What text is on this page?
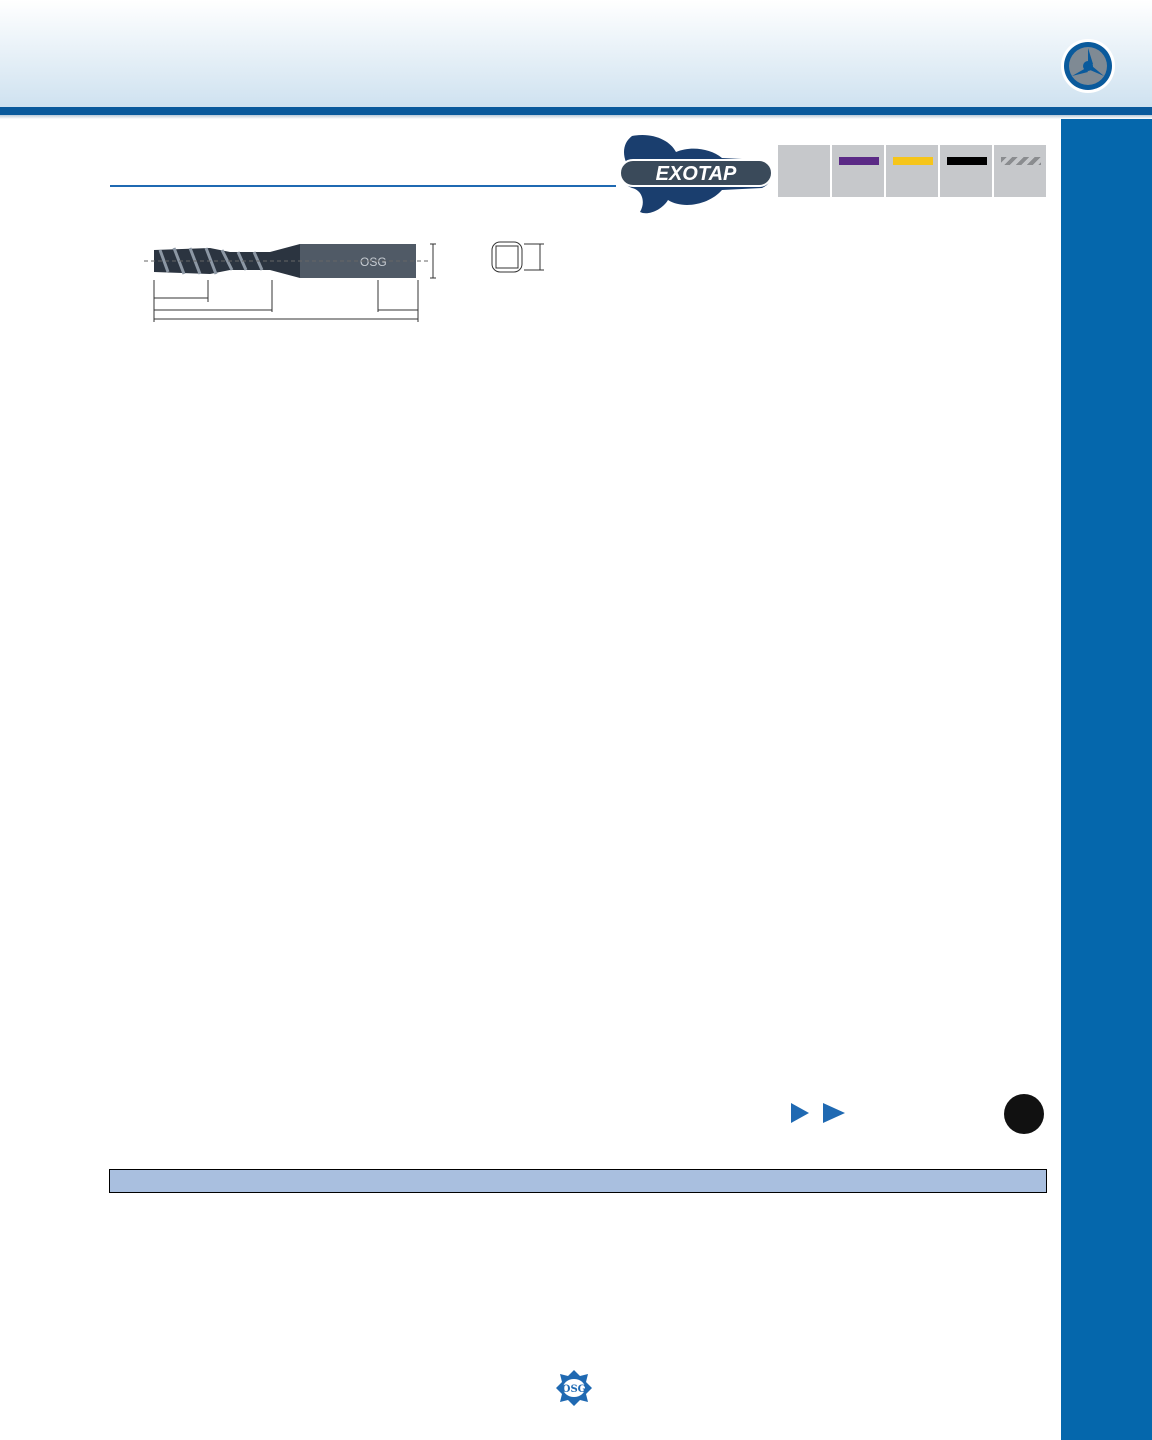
EXOTAP
OSG
OSG
